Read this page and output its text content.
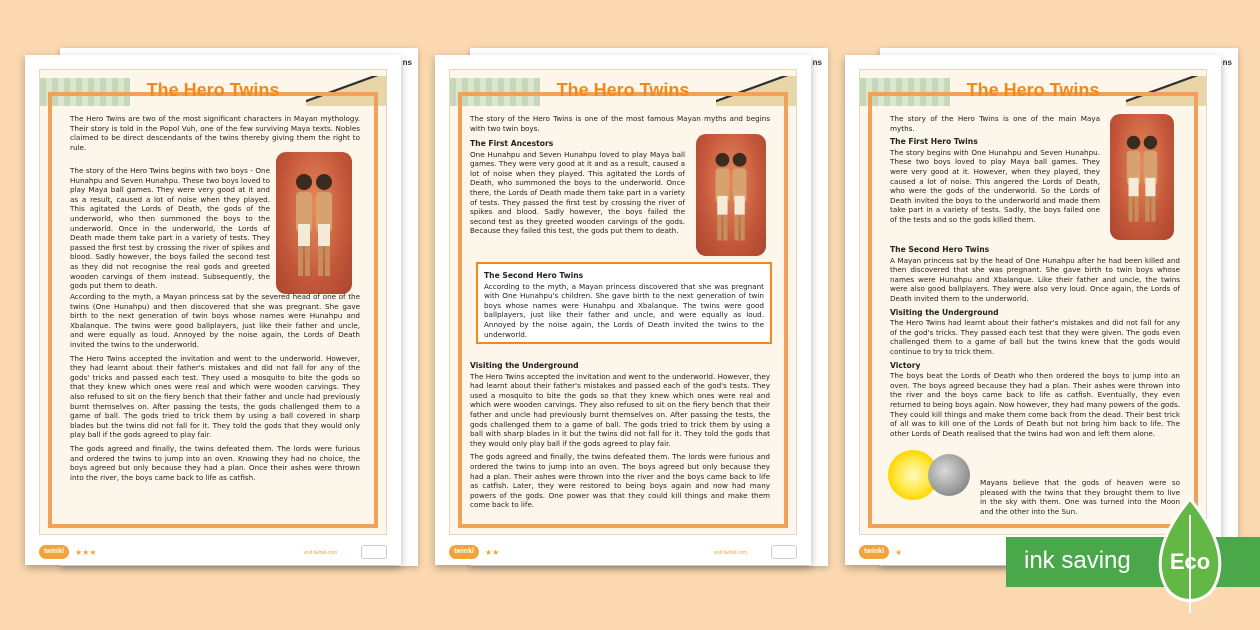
ns	ns	ns
The Hero Twins

The Hero Twins are two of the most significant characters in Mayan mythology. Their story is told in the Popol Vuh, one of the few surviving Maya texts. Nobles claimed to be direct descendants of the twins thereby giving them the right to rule.

The story of the Hero Twins begins with two boys - One Hunahpu and Seven Hunahpu. These two boys loved to play Maya ball games. They were very good at it and as a result, caused a lot of noise when they played. This agitated the Lords of Death, the gods of the underworld, who then summoned the boys to the underworld. Once in the underworld, the Lords of Death made them take part in a variety of tests. They passed the first test by crossing the river of spikes and blood. Sadly however, the boys failed the second test as they did not recognise the real gods and greeted wooden carvings of them instead. Subsequently, the gods put them to death.

According to the myth, a Mayan princess sat by the severed head of one of the twins (One Hunahpu) and then discovered that she was pregnant. She gave birth to the next generation of twin boys whose names were Hunahpu and Xbalanque. The twins were good ballplayers, just like their father and uncle, and were equally as loud. Annoyed by the noise again, the Lords of Death invited the twins to the underworld.

The Hero Twins accepted the invitation and went to the underworld. However, they had learnt about their father's mistakes and did not fall for any of the gods' tricks and passed each test. They used a mosquito to bite the gods so that they knew which ones were real and which were wooden carvings. They also refused to sit on the fiery bench that their father and uncle had previously burnt themselves on. After passing the tests, the gods challenged them to a game of ball. The gods tried to trick them by using a ball covered in sharp blades but the twins did not fall for it. They told the gods that they would only play ball if the gods agreed to play fair.

The gods agreed and finally, the twins defeated them. The lords were furious and ordered the twins to jump into an oven. Knowing they had no choice, the boys agreed but only because they had a plan. Once their ashes were thrown into the river, the boys came back to life as catfish.

twinkl	★★★	visit twinkl.com
The Hero Twins

The story of the Hero Twins is one of the most famous Mayan myths and begins with two twin boys.

The First Ancestors

One Hunahpu and Seven Hunahpu loved to play Maya ball games. They were very good at it and as a result, caused a lot of noise when they played. This agitated the Lords of Death, who summoned the boys to the underworld. Once there, the Lords of Death made them take part in a variety of tests. They passed the first test by crossing the river of spikes and blood. Sadly however, the boys failed the second test as they greeted wooden carvings of the gods. Because they failed this test, the gods put them to death.

The Second Hero Twins

According to the myth, a Mayan princess discovered that she was pregnant with One Hunahpu's children. She gave birth to the next generation of twin boys whose names were Hunahpu and Xbalanque. The twins were good ballplayers, just like their father and uncle, and were equally as loud. Annoyed by the noise again, the Lords of Death invited the twins to the underworld.

Visiting the Underground

The Hero Twins accepted the invitation and went to the underworld. However, they had learnt about their father's mistakes and passed each of the god's tests. They used a mosquito to bite the gods so that they knew which ones were real and which were wooden carvings. They also refused to sit on the fiery bench that their father and uncle had previously burnt themselves on. After passing the tests, the gods challenged them to a game of ball. The gods tried to trick them by using a ball with sharp blades in it but the twins did not fall for it. They told the gods that they would only play ball if the gods agreed to play fair.

The gods agreed and finally, the twins defeated them. The lords were furious and ordered the twins to jump into an oven. The boys agreed but only because they had a plan. Their ashes were thrown into the river and the boys came back to life as catfish. Later, they were restored to being boys again and now had many powers of the gods. One power was that they could kill things and make them come back to life.

twinkl	★★	visit twinkl.com
The Hero Twins

The story of the Hero Twins is one of the main Maya myths.

The First Hero Twins

The story begins with One Hunahpu and Seven Hunahpu. These two boys loved to play Maya ball games. They were very good at it. However, when they played, they caused a lot of noise. This angered the Lords of Death, who were the gods of the underworld. So the Lords of Death invited the boys to the underworld and made them take part in a variety of tests. Sadly, the boys failed one of the tests and so the gods killed them.

The Second Hero Twins

A Mayan princess sat by the head of One Hunahpu after he had been killed and then discovered that she was pregnant. She gave birth to twin boys whose names were Hunahpu and Xbalanque. Like their father and uncle, the twins were also good ballplayers. They were also very loud. Once again, the Lords of Death invited them to the underworld.

Visiting the Underground

The Hero Twins had learnt about their father's mistakes and did not fall for any of the god's tricks. They passed each test that they were given. The gods even challenged them to a game of ball but the twins knew that the gods would continue to try to trick them.

Victory

The boys beat the Lords of Death who then ordered the boys to jump into an oven. The boys agreed because they had a plan. Their ashes were thrown into the river and the boys came back to life as catfish. Eventually, they even returned to being boys again. Now however, they had many powers of the gods. They could kill things and make them come back from the dead. Their best trick of all was to kill one of the Lords of Death but not bring him back to life. The other Lords of Death realised that the twins had won and left them alone.

Mayans believe that the gods of heaven were so pleased with the twins that they brought them to live in the sky with them. One was turned into the Moon and the other into the Sun.

twinkl	★	ink saving Eco
